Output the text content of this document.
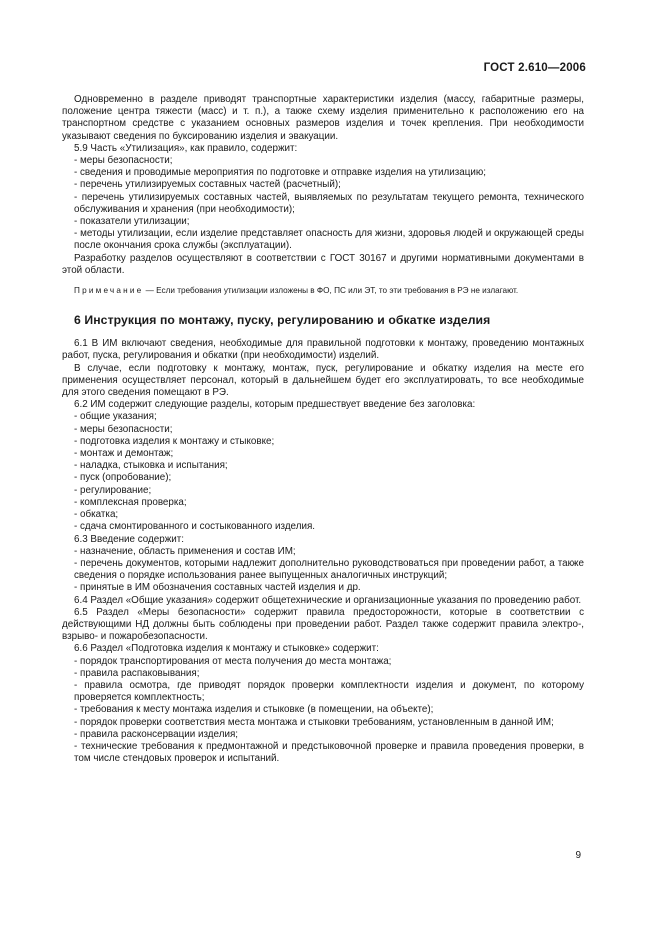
ГОСТ 2.610—2006

Одновременно в разделе приводят транспортные характеристики изделия (массу, габаритные размеры, положение центра тяжести (масс) и т. п.), а также схему изделия применительно к расположению его на транспортном средстве с указанием основных размеров изделия и точек крепления. При необходимости указывают сведения по буксированию изделия и эвакуации.

5.9 Часть «Утилизация», как правило, содержит:

- меры безопасности;
- сведения и проводимые мероприятия по подготовке и отправке изделия на утилизацию;
- перечень утилизируемых составных частей (расчетный);
- перечень утилизируемых составных частей, выявляемых по результатам текущего ремонта, технического обслуживания и хранения (при необходимости);
- показатели утилизации;
- методы утилизации, если изделие представляет опасность для жизни, здоровья людей и окружающей среды после окончания срока службы (эксплуатации).

Разработку разделов осуществляют в соответствии с ГОСТ 30167 и другими нормативными документами в этой области.

Примечание — Если требования утилизации изложены в ФО, ПС или ЭТ, то эти требования в РЭ не излагают.
6 Инструкция по монтажу, пуску, регулированию и обкатке изделия

6.1 В ИМ включают сведения, необходимые для правильной подготовки к монтажу, проведению монтажных работ, пуска, регулирования и обкатки (при необходимости) изделий.

В случае, если подготовку к монтажу, монтаж, пуск, регулирование и обкатку изделия на месте его применения осуществляет персонал, который в дальнейшем будет его эксплуатировать, то все необходимые для этого сведения помещают в РЭ.

6.2 ИМ содержит следующие разделы, которым предшествует введение без заголовка:

- общие указания;
- меры безопасности;
- подготовка изделия к монтажу и стыковке;
- монтаж и демонтаж;
- наладка, стыковка и испытания;
- пуск (опробование);
- регулирование;
- комплексная проверка;
- обкатка;
- сдача смонтированного и состыкованного изделия.

6.3 Введение содержит:

- назначение, область применения и состав ИМ;
- перечень документов, которыми надлежит дополнительно руководствоваться при проведении работ, а также сведения о порядке использования ранее выпущенных аналогичных инструкций;
- принятые в ИМ обозначения составных частей изделия и др.

6.4 Раздел «Общие указания» содержит общетехнические и организационные указания по проведению работ.

6.5 Раздел «Меры безопасности» содержит правила предосторожности, которые в соответствии с действующими НД должны быть соблюдены при проведении работ. Раздел также содержит правила электро-, взрыво- и пожаробезопасности.

6.6 Раздел «Подготовка изделия к монтажу и стыковке» содержит:

- порядок транспортирования от места получения до места монтажа;
- правила распаковывания;
- правила осмотра, где приводят порядок проверки комплектности изделия и документ, по которому проверяется комплектность;
- требования к месту монтажа изделия и стыковке (в помещении, на объекте);
- порядок проверки соответствия места монтажа и стыковки требованиям, установленным в данной ИМ;
- правила расконсервации изделия;
- технические требования к предмонтажной и предстыковочной проверке и правила проведения проверки, в том числе стендовых проверок и испытаний.
9
